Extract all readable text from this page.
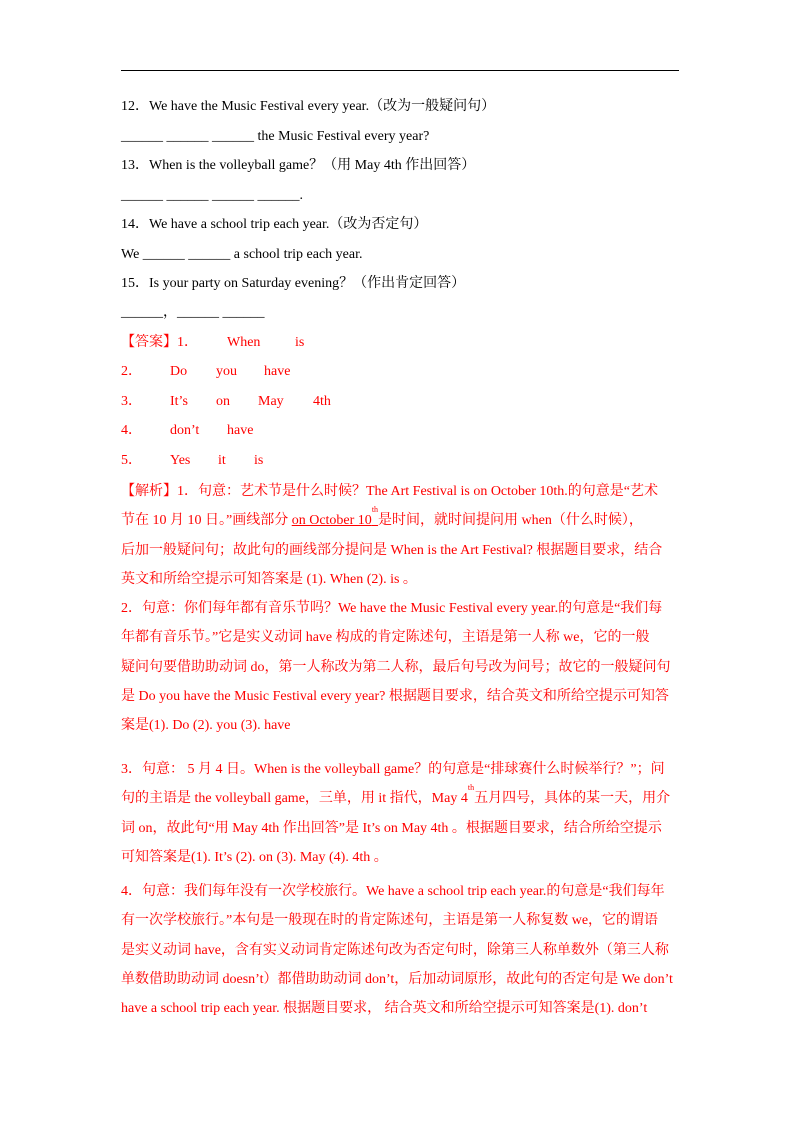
12．We have the Music Festival every year.（改为一般疑问句）
______ ______ ______ the Music Festival every year?
13．When is the volleyball game？（用 May 4th 作出回答）
______ ______ ______ ______.
14．We have a school trip each year.（改为否定句）
We ______ ______ a school trip each year.
15．Is your party on Saturday evening？（作出肯定回答）
______，______ ______
【答案】1． When is
2． Do you have
3． It’s on May 4th
4． don’t have
5． Yes it is
【解析】1．句意：艺术节是什么时候？The Art Festival is on October 10th.的句意是“艺术
节在 10 月 10 日。”画线部分 on October 10th是时间，就时间提问用 when（什么时候），
后加一般疑问句；故此句的画线部分提问是 When is the Art Festival? 根据题目要求，结合
英文和所给空提示可知答案是 (1). When (2). is 。
2．句意：你们每年都有音乐节吗？We have the Music Festival every year.的句意是“我们每
年都有音乐节。”它是实义动词 have 构成的肯定陈述句，主语是第一人称 we，它的一般
疑问句要借助助动词 do，第一人称改为第二人称，最后句号改为问号；故它的一般疑问句
是 Do you have the Music Festival every year? 根据题目要求，结合英文和所给空提示可知答
案是(1). Do (2). you (3). have
3．句意： 5 月 4 日。When is the volleyball game？的句意是“排球赛什么时候举行？”；问
句的主语是 the volleyball game，三单，用 it 指代，May 4th五月四号，具体的某一天，用介
词 on，故此句“用 May 4th 作出回答”是 It’s on May 4th 。根据题目要求，结合所给空提示
可知答案是(1). It’s (2). on (3). May (4). 4th 。
4．句意：我们每年没有一次学校旅行。We have a school trip each year.的句意是“我们每年
有一次学校旅行。”本句是一般现在时的肯定陈述句，主语是第一人称复数 we，它的谓语
是实义动词 have，含有实义动词肯定陈述句改为否定句时，除第三人称单数外（第三人称
单数借助助动词 doesn’t）都借助助动词 don’t，后加动词原形，故此句的否定句是 We don’t
have a school trip each year. 根据题目要求， 结合英文和所给空提示可知答案是(1). don’t
